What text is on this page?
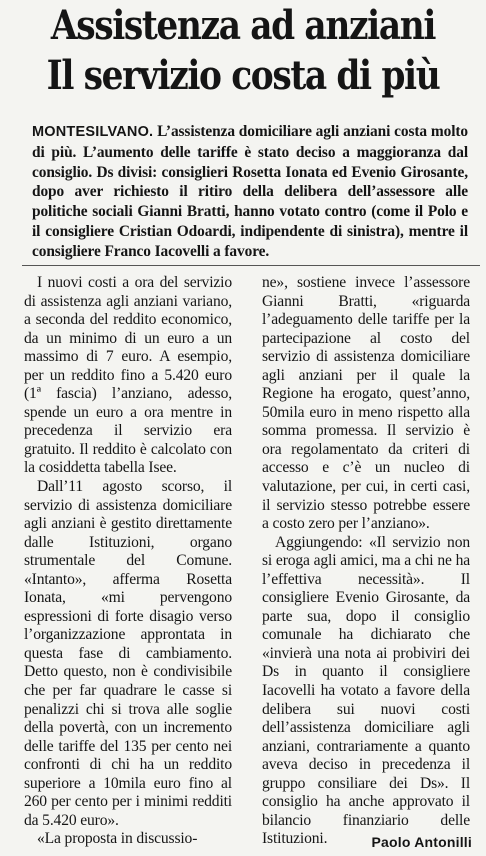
Assistenza ad anziani
Il servizio costa di più
MONTESILVANO. L’assistenza domiciliare agli anziani costa molto di più. L’aumento delle tariffe è stato deciso a maggioranza dal consiglio. Ds divisi: consiglieri Rosetta Ionata ed Evenio Girosante, dopo aver richiesto il ritiro della delibera dell’assessore alle politiche sociali Gianni Bratti, hanno votato contro (come il Polo e il consigliere Cristian Odoardi, indipendente di sinistra), mentre il consigliere Franco Iacovelli a favore.

I nuovi costi a ora del servizio di assistenza agli anziani variano, a seconda del reddito economico, da un minimo di un euro a un massimo di 7 euro. A esempio, per un reddito fino a 5.420 euro (1ª fascia) l’anziano, adesso, spende un euro a ora mentre in precedenza il servizio era gratuito. Il reddito è calcolato con la cosiddetta tabella Isee.

Dall’11 agosto scorso, il servizio di assistenza domiciliare agli anziani è gestito direttamente dalle Istituzioni, organo strumentale del Comune. «Intanto», afferma Rosetta Ionata, «mi pervengono espressioni di forte disagio verso l’organizzazione approntata in questa fase di cambiamento. Detto questo, non è condivisibile che per far quadrare le casse si penalizzi chi si trova alle soglie della povertà, con un incremento delle tariffe del 135 per cento nei confronti di chi ha un reddito superiore a 10mila euro fino al 260 per cento per i minimi redditi da 5.420 euro».

«La proposta in discussio-

ne», sostiene invece l’assessore Gianni Bratti, «riguarda l’adeguamento delle tariffe per la partecipazione al costo del servizio di assistenza domiciliare agli anziani per il quale la Regione ha erogato, quest’anno, 50mila euro in meno rispetto alla somma promessa. Il servizio è ora regolamentato da criteri di accesso e c’è un nucleo di valutazione, per cui, in certi casi, il servizio stesso potrebbe essere a costo zero per l’anziano».

Aggiungendo: «Il servizio non si eroga agli amici, ma a chi ne ha l’effettiva necessità». Il consigliere Evenio Girosante, da parte sua, dopo il consiglio comunale ha dichiarato che «invierà una nota ai probiviri dei Ds in quanto il consigliere Iacovelli ha votato a favore della delibera sui nuovi costi dell’assistenza domiciliare agli anziani, contrariamente a quanto aveva deciso in precedenza il gruppo consiliare dei Ds». Il consiglio ha anche approvato il bilancio finanziario delle Istituzioni.	Paolo Antonilli
